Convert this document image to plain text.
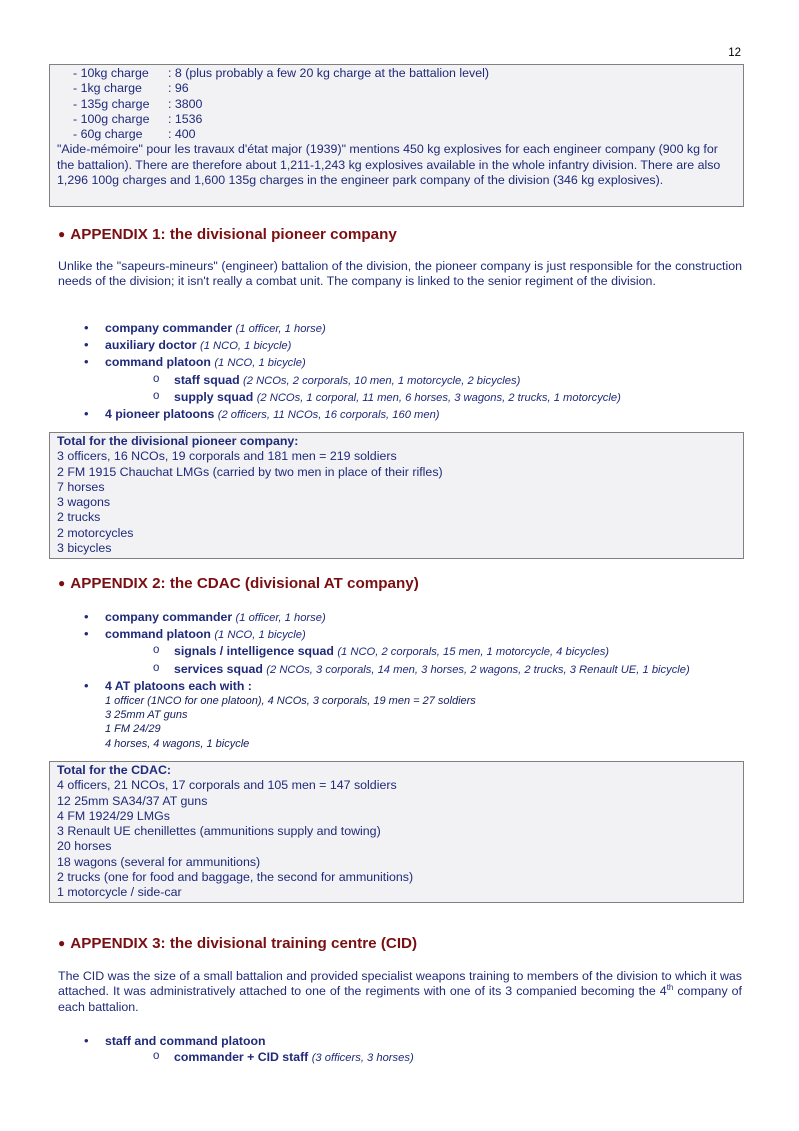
12
- 10kg charge : 8 (plus probably a few 20 kg charge at the battalion level)
- 1kg charge : 96
- 135g charge : 3800
- 100g charge : 1536
- 60g charge : 400
"Aide-mémoire" pour les travaux d'état major (1939)" mentions 450 kg explosives for each engineer company (900 kg for the battalion). There are therefore about 1,211-1,243 kg explosives available in the whole infantry division. There are also 1,296 100g charges and 1,600 135g charges in the engineer park company of the division (346 kg explosives).
● APPENDIX 1: the divisional pioneer company

Unlike the "sapeurs-mineurs" (engineer) battalion of the division, the pioneer company is just responsible for the construction needs of the division; it isn't really a combat unit. The company is linked to the senior regiment of the division.

• company commander (1 officer, 1 horse)
• auxiliary doctor (1 NCO, 1 bicycle)
• command platoon (1 NCO, 1 bicycle)
o staff squad (2 NCOs, 2 corporals, 10 men, 1 motorcycle, 2 bicycles)
o supply squad (2 NCOs, 1 corporal, 11 men, 6 horses, 3 wagons, 2 trucks, 1 motorcycle)
• 4 pioneer platoons (2 officers, 11 NCOs, 16 corporals, 160 men)
Total for the divisional pioneer company:
3 officers, 16 NCOs, 19 corporals and 181 men = 219 soldiers
2 FM 1915 Chauchat LMGs (carried by two men in place of their rifles)
7 horses
3 wagons
2 trucks
2 motorcycles
3 bicycles
● APPENDIX 2: the CDAC (divisional AT company)
• company commander (1 officer, 1 horse)
• command platoon (1 NCO, 1 bicycle)
o signals / intelligence squad (1 NCO, 2 corporals, 15 men, 1 motorcycle, 4 bicycles)
o services squad (2 NCOs, 3 corporals, 14 men, 3 horses, 2 wagons, 2 trucks, 3 Renault UE, 1 bicycle)
• 4 AT platoons each with :
1 officer (1NCO for one platoon), 4 NCOs, 3 corporals, 19 men = 27 soldiers
3 25mm AT guns
1 FM 24/29
4 horses, 4 wagons, 1 bicycle
Total for the CDAC:
4 officers, 21 NCOs, 17 corporals and 105 men = 147 soldiers
12 25mm SA34/37 AT guns
4 FM 1924/29 LMGs
3 Renault UE chenillettes (ammunitions supply and towing)
20 horses
18 wagons (several for ammunitions)
2 trucks (one for food and baggage, the second for ammunitions)
1 motorcycle / side-car
● APPENDIX 3: the divisional training centre (CID)

The CID was the size of a small battalion and provided specialist weapons training to members of the division to which it was attached. It was administratively attached to one of the regiments with one of its 3 companied becoming the 4th company of each battalion.

• staff and command platoon
o commander + CID staff (3 officers, 3 horses)
